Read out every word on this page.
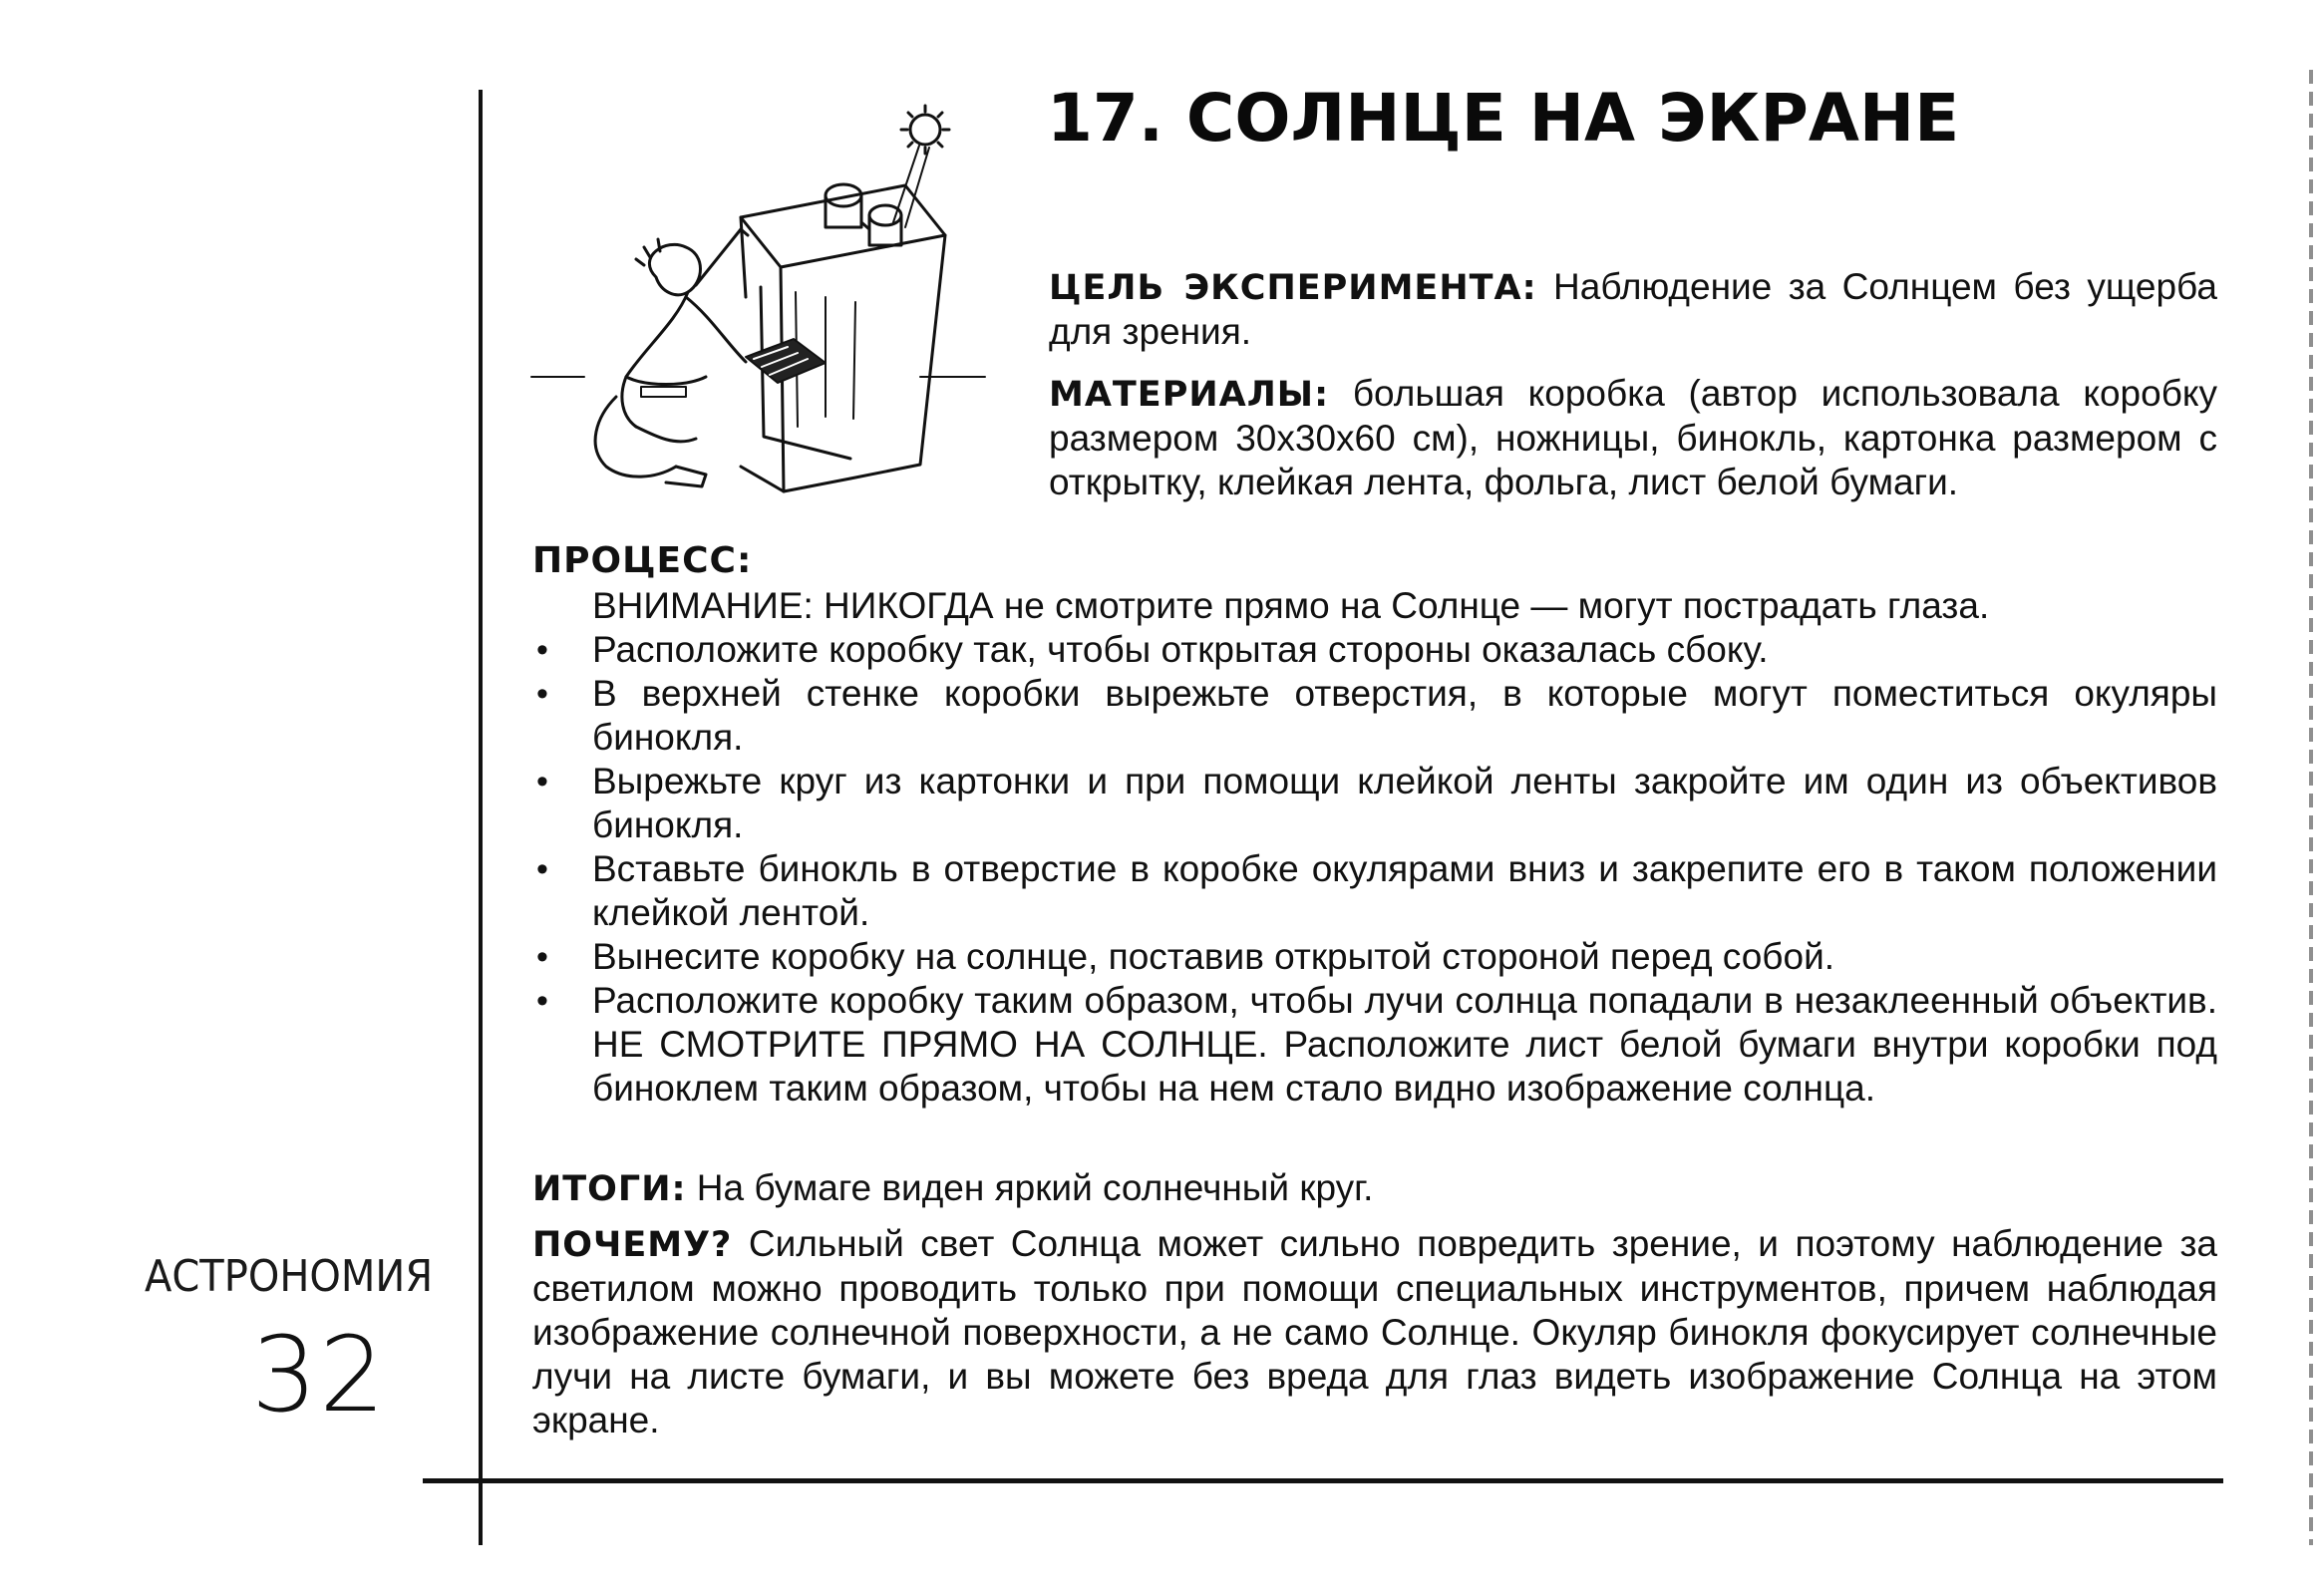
АСТРОНОМИЯ
32
17. СОЛНЦЕ НА ЭКРАНЕ

ЦЕЛЬ ЭКСПЕРИМЕНТА: Наблюдение за Солнцем без ущерба для зрения.

МАТЕРИАЛЫ: большая коробка (автор использовала коробку размером 30х30х60 см), ножницы, бинокль, картонка размером с открытку, клейкая лента, фольга, лист белой бумаги.

ПРОЦЕСС:
ВНИМАНИЕ: НИКОГДА не смотрите прямо на Солнце — могут пострадать глаза.
• Расположите коробку так, чтобы открытая стороны оказалась сбоку.
• В верхней стенке коробки вырежьте отверстия, в которые могут поместиться окуляры бинокля.
• Вырежьте круг из картонки и при помощи клейкой ленты закройте им один из объективов бинокля.
• Вставьте бинокль в отверстие в коробке окулярами вниз и закрепите его в таком положении клейкой лентой.
• Вынесите коробку на солнце, поставив открытой стороной перед собой.
• Расположите коробку таким образом, чтобы лучи солнца попадали в незаклеенный объектив. НЕ СМОТРИТЕ ПРЯМО НА СОЛНЦЕ. Расположите лист белой бумаги внутри коробки под биноклем таким образом, чтобы на нем стало видно изображение солнца.
ИТОГИ: На бумаге виден яркий солнечный круг.
ПОЧЕМУ? Сильный свет Солнца может сильно повредить зрение, и поэтому наблюдение за светилом можно проводить только при помощи специальных инструментов, причем наблюдая изображение солнечной поверхности, а не само Солнце. Окуляр бинокля фокусирует солнечные лучи на листе бумаги, и вы можете без вреда для глаз видеть изображение Солнца на этом экране.
